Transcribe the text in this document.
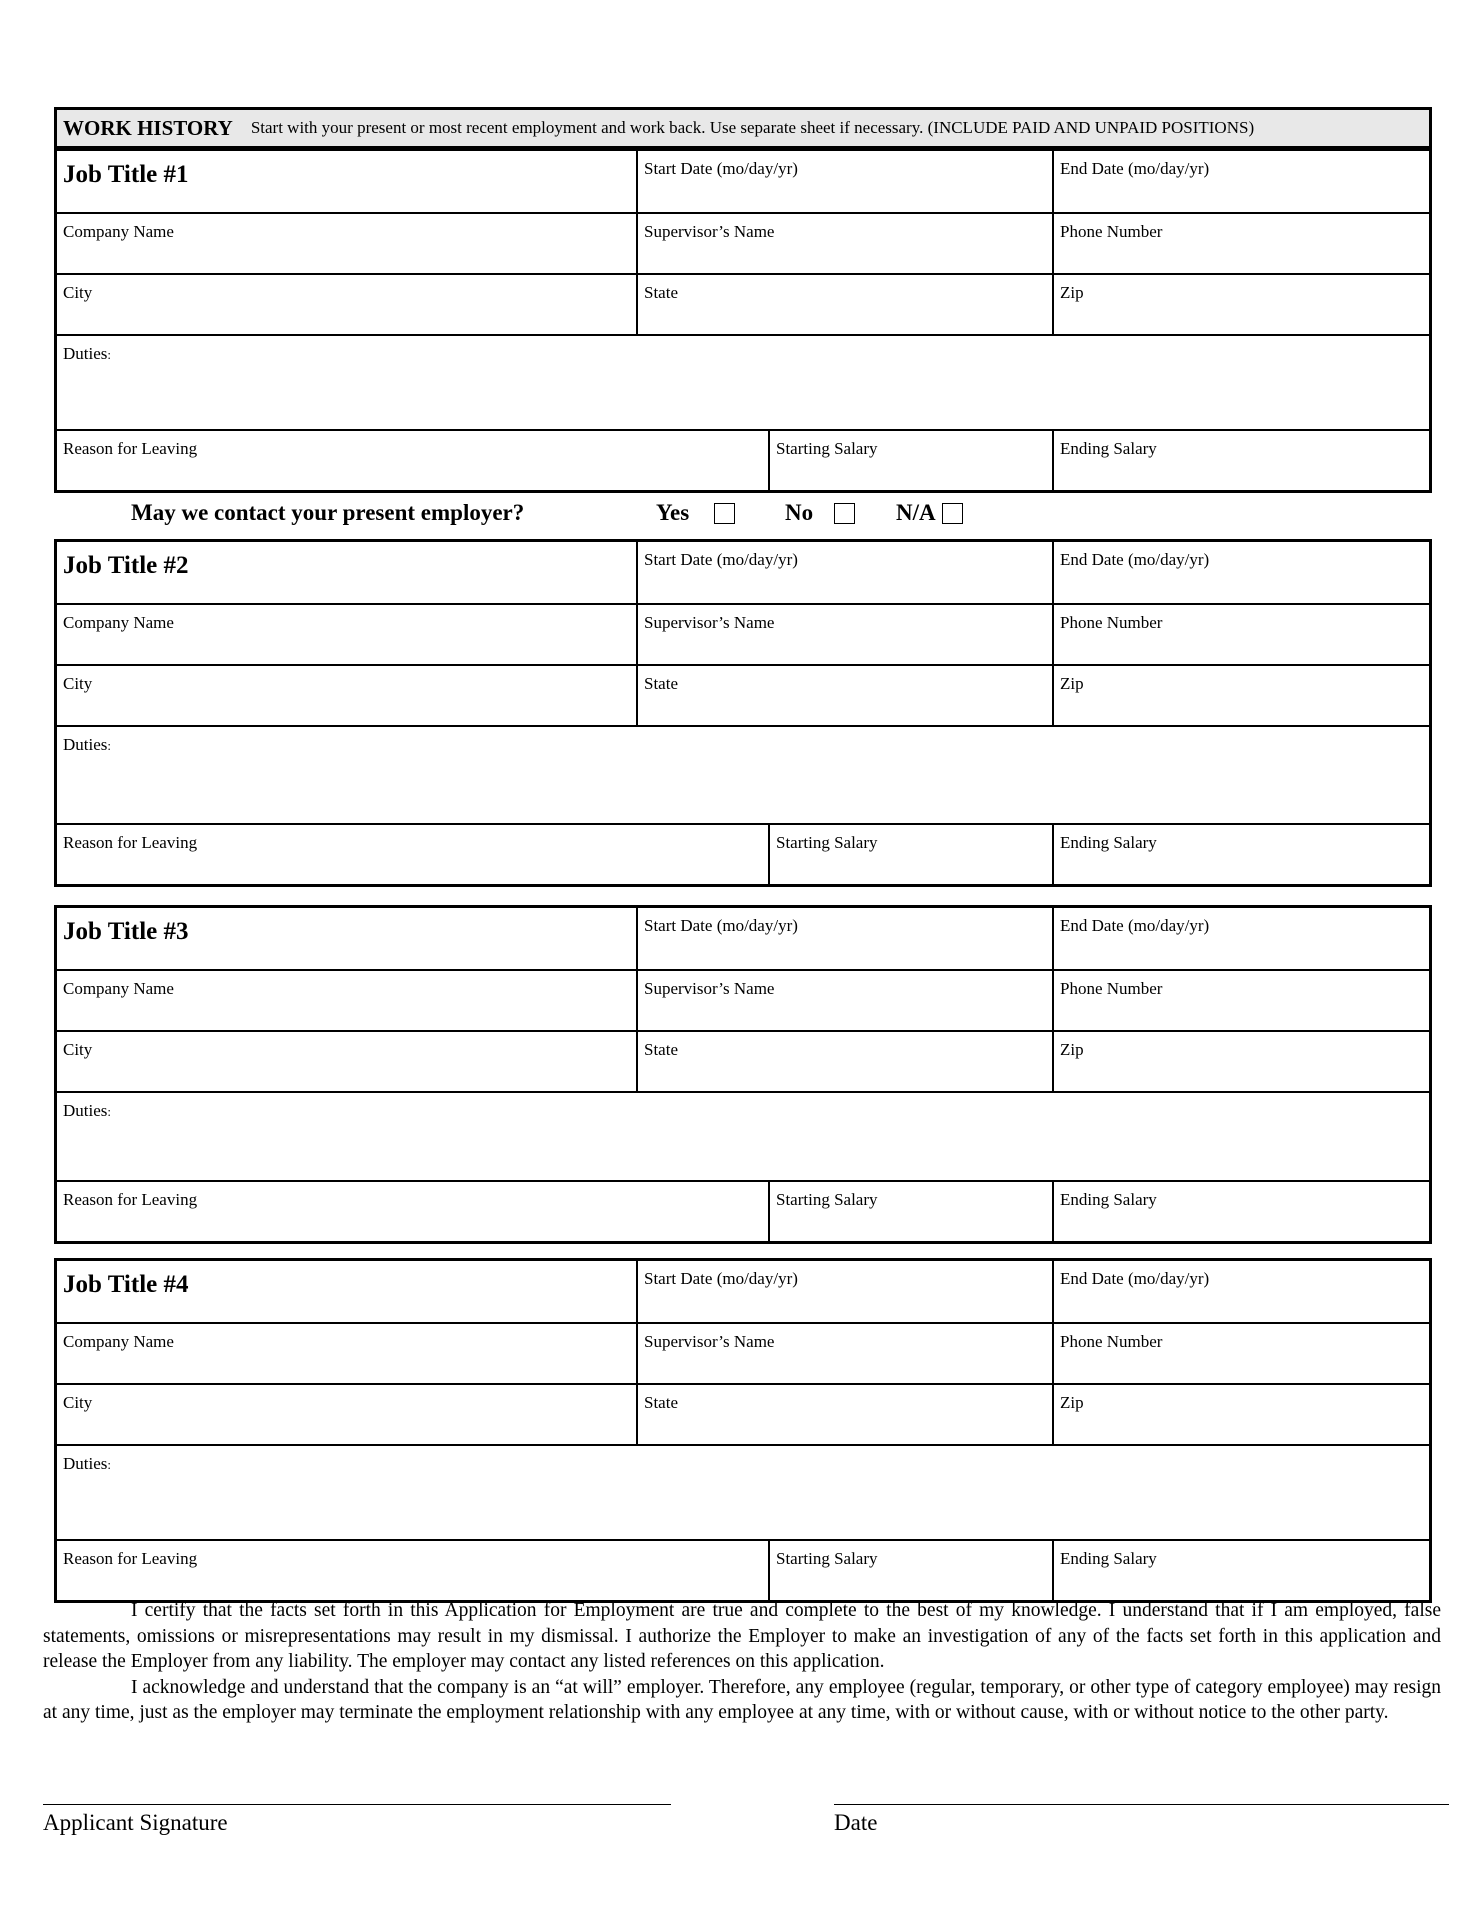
WORK HISTORY Start with your present or most recent employment and work back. Use separate sheet if necessary. (INCLUDE PAID AND UNPAID POSITIONS)
Job Title #1	Start Date (mo/day/yr)	End Date (mo/day/yr)
Company Name	Supervisor’s Name	Phone Number
City	State	Zip
Duties:
Reason for Leaving	Starting Salary	Ending Salary
May we contact your present employer?	Yes	No	N/A
Job Title #2	Start Date (mo/day/yr)	End Date (mo/day/yr)
Company Name	Supervisor’s Name	Phone Number
City	State	Zip
Duties:
Reason for Leaving	Starting Salary	Ending Salary
Job Title #3	Start Date (mo/day/yr)	End Date (mo/day/yr)
Company Name	Supervisor’s Name	Phone Number
City	State	Zip
Duties:
Reason for Leaving	Starting Salary	Ending Salary
Job Title #4	Start Date (mo/day/yr)	End Date (mo/day/yr)
Company Name	Supervisor’s Name	Phone Number
City	State	Zip
Duties:
Reason for Leaving	Starting Salary	Ending Salary

I certify that the facts set forth in this Application for Employment are true and complete to the best of my knowledge. I understand that if I am employed, false statements, omissions or misrepresentations may result in my dismissal. I authorize the Employer to make an investigation of any of the facts set forth in this application and release the Employer from any liability. The employer may contact any listed references on this application.

I acknowledge and understand that the company is an “at will” employer. Therefore, any employee (regular, temporary, or other type of category employee) may resign at any time, just as the employer may terminate the employment relationship with any employee at any time, with or without cause, with or without notice to the other party.

Applicant Signature	Date
